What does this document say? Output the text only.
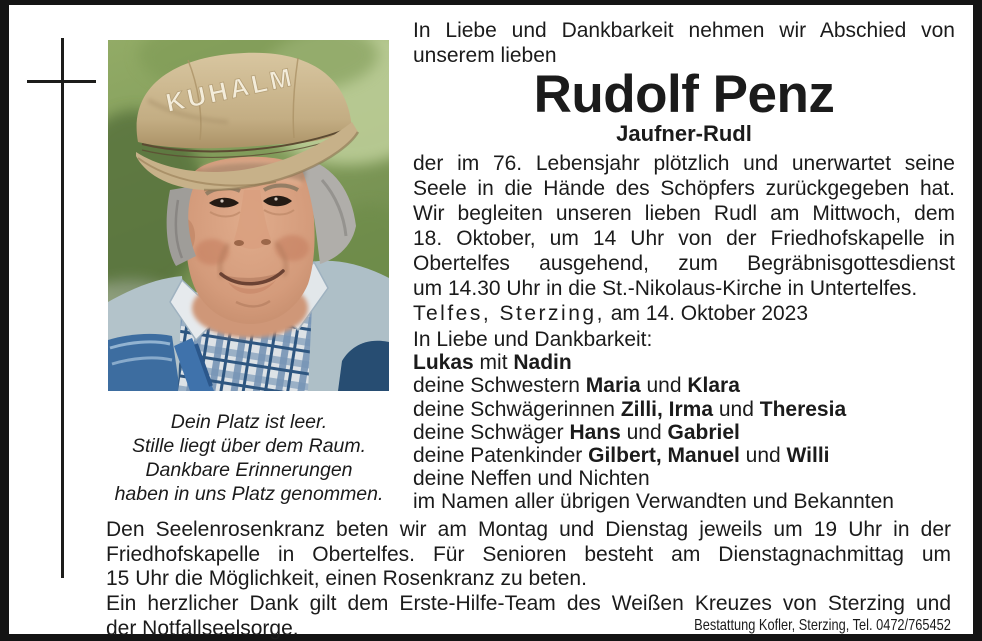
KUHALM
Dein Platz ist leer.
Stille liegt über dem Raum.
Dankbare Erinnerungen
haben in uns Platz genommen.
In Liebe und Dankbarkeit nehmen wir Abschied von
unserem lieben
Rudolf Penz
Jaufner-Rudl
der im 76. Lebensjahr plötzlich und unerwartet seine
Seele in die Hände des Schöpfers zurückgegeben hat.
Wir begleiten unseren lieben Rudl am Mittwoch, dem
18. Oktober, um 14 Uhr von der Friedhofskapelle in
Obertelfes ausgehend, zum Begräbnisgottesdienst
um 14.30 Uhr in die St.-Nikolaus-Kirche in Untertelfes.
Telfes, Sterzing, am 14. Oktober 2023
In Liebe und Dankbarkeit:
Lukas mit Nadin
deine Schwestern Maria und Klara
deine Schwägerinnen Zilli, Irma und Theresia
deine Schwäger Hans und Gabriel
deine Patenkinder Gilbert, Manuel und Willi
deine Neffen und Nichten
im Namen aller übrigen Verwandten und Bekannten
Den Seelenrosenkranz beten wir am Montag und Dienstag jeweils um 19 Uhr in der
Friedhofskapelle in Obertelfes. Für Senioren besteht am Dienstagnachmittag um
15 Uhr die Möglichkeit, einen Rosenkranz zu beten.
Ein herzlicher Dank gilt dem Erste-Hilfe-Team des Weißen Kreuzes von Sterzing und
der Notfallseelsorge.	Bestattung Kofler, Sterzing, Tel. 0472/765452
